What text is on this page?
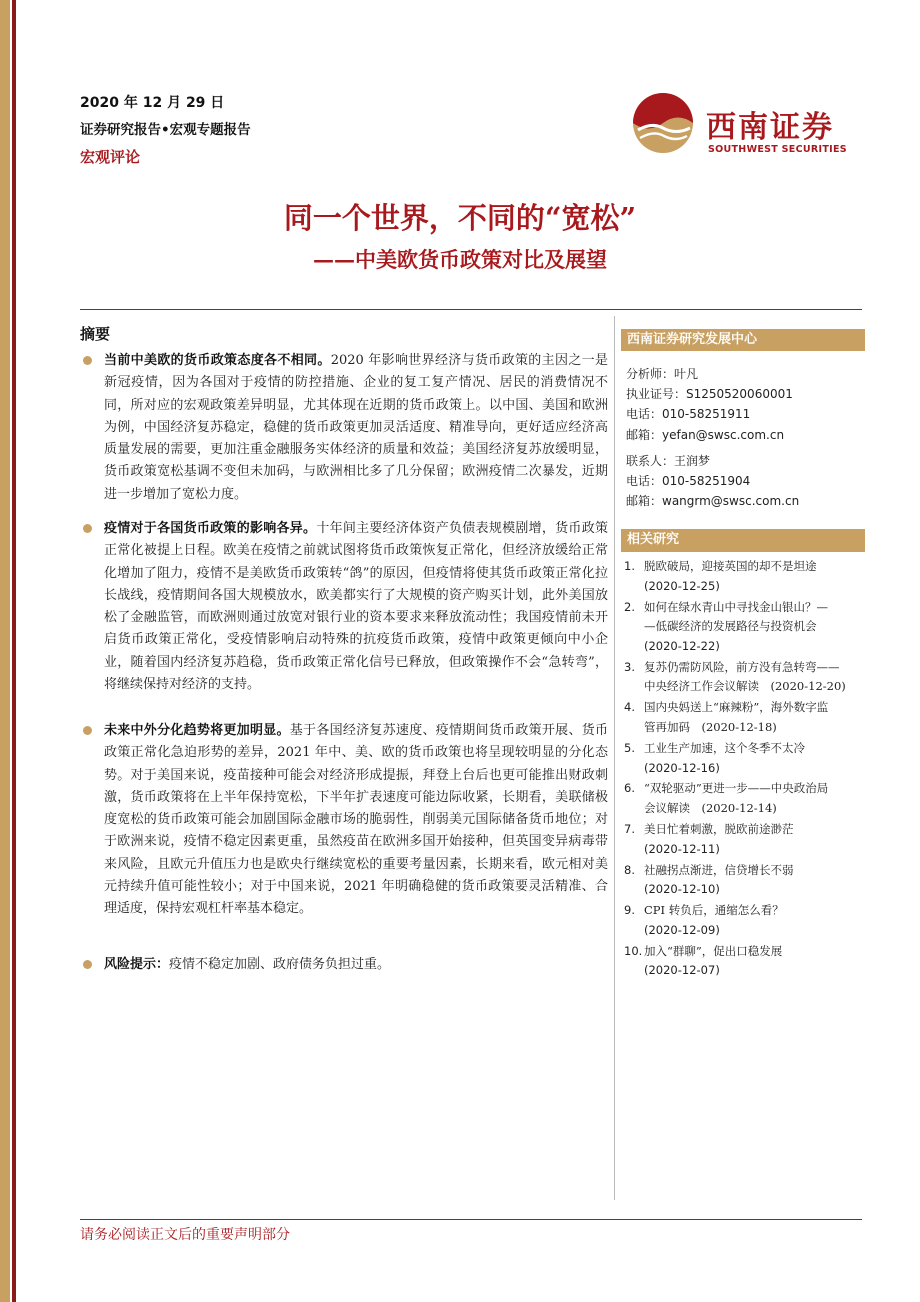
2020 年 12 月 29 日
证券研究报告•宏观专题报告
宏观评论
西南证券
SOUTHWEST SECURITIES
同一个世界，不同的“宽松”
——中美欧货币政策对比及展望
摘要
当前中美欧的货币政策态度各不相同。2020 年影响世界经济与货币政策的主因之一是新冠疫情，因为各国对于疫情的防控措施、企业的复工复产情况、居民的消费情况不同，所对应的宏观政策差异明显，尤其体现在近期的货币政策上。以中国、美国和欧洲为例，中国经济复苏稳定，稳健的货币政策更加灵活适度、精准导向，更好适应经济高质量发展的需要，更加注重金融服务实体经济的质量和效益；美国经济复苏放缓明显，货币政策宽松基调不变但未加码，与欧洲相比多了几分保留；欧洲疫情二次暴发，近期进一步增加了宽松力度。
疫情对于各国货币政策的影响各异。十年间主要经济体资产负债表规模剧增，货币政策正常化被提上日程。欧美在疫情之前就试图将货币政策恢复正常化，但经济放缓给正常化增加了阻力，疫情不是美欧货币政策转“鸽”的原因，但疫情将使其货币政策正常化拉长战线，疫情期间各国大规模放水，欧美都实行了大规模的资产购买计划，此外美国放松了金融监管，而欧洲则通过放宽对银行业的资本要求来释放流动性；我国疫情前未开启货币政策正常化，受疫情影响启动特殊的抗疫货币政策，疫情中政策更倾向中小企业，随着国内经济复苏趋稳，货币政策正常化信号已释放，但政策操作不会“急转弯”，将继续保持对经济的支持。
未来中外分化趋势将更加明显。基于各国经济复苏速度、疫情期间货币政策开展、货币政策正常化急迫形势的差异，2021 年中、美、欧的货币政策也将呈现较明显的分化态势。对于美国来说，疫苗接种可能会对经济形成提振，拜登上台后也更可能推出财政刺激，货币政策将在上半年保持宽松，下半年扩表速度可能边际收紧，长期看，美联储极度宽松的货币政策可能会加剧国际金融市场的脆弱性，削弱美元国际储备货币地位；对于欧洲来说，疫情不稳定因素更重，虽然疫苗在欧洲多国开始接种，但英国变异病毒带来风险，且欧元升值压力也是欧央行继续宽松的重要考量因素，长期来看，欧元相对美元持续升值可能性较小；对于中国来说，2021 年明确稳健的货币政策要灵活精准、合理适度，保持宏观杠杆率基本稳定。
风险提示：疫情不稳定加剧、政府债务负担过重。
西南证券研究发展中心
分析师：叶凡
执业证号：S1250520060001
电话：010-58251911
邮箱：yefan@swsc.com.cn
联系人：王润梦
电话：010-58251904
邮箱：wangrm@swsc.com.cn
相关研究
1. 脱欧破局，迎接英国的却不是坦途
(2020-12-25)
2. 如何在绿水青山中寻找金山银山？—
—低碳经济的发展路径与投资机会
(2020-12-22)
3. 复苏仍需防风险，前方没有急转弯——
中央经济工作会议解读　(2020-12-20)
4. 国内央妈送上“麻辣粉”，海外数字监
管再加码　(2020-12-18)
5. 工业生产加速，这个冬季不太冷
(2020-12-16)
6. “双轮驱动”更进一步——中央政治局
会议解读　(2020-12-14)
7. 美日忙着刺激，脱欧前途渺茫
(2020-12-11)
8. 社融拐点渐进，信贷增长不弱
(2020-12-10)
9. CPI 转负后，通缩怎么看？
(2020-12-09)
10. 加入“群聊”，促出口稳发展
(2020-12-07)
请务必阅读正文后的重要声明部分
